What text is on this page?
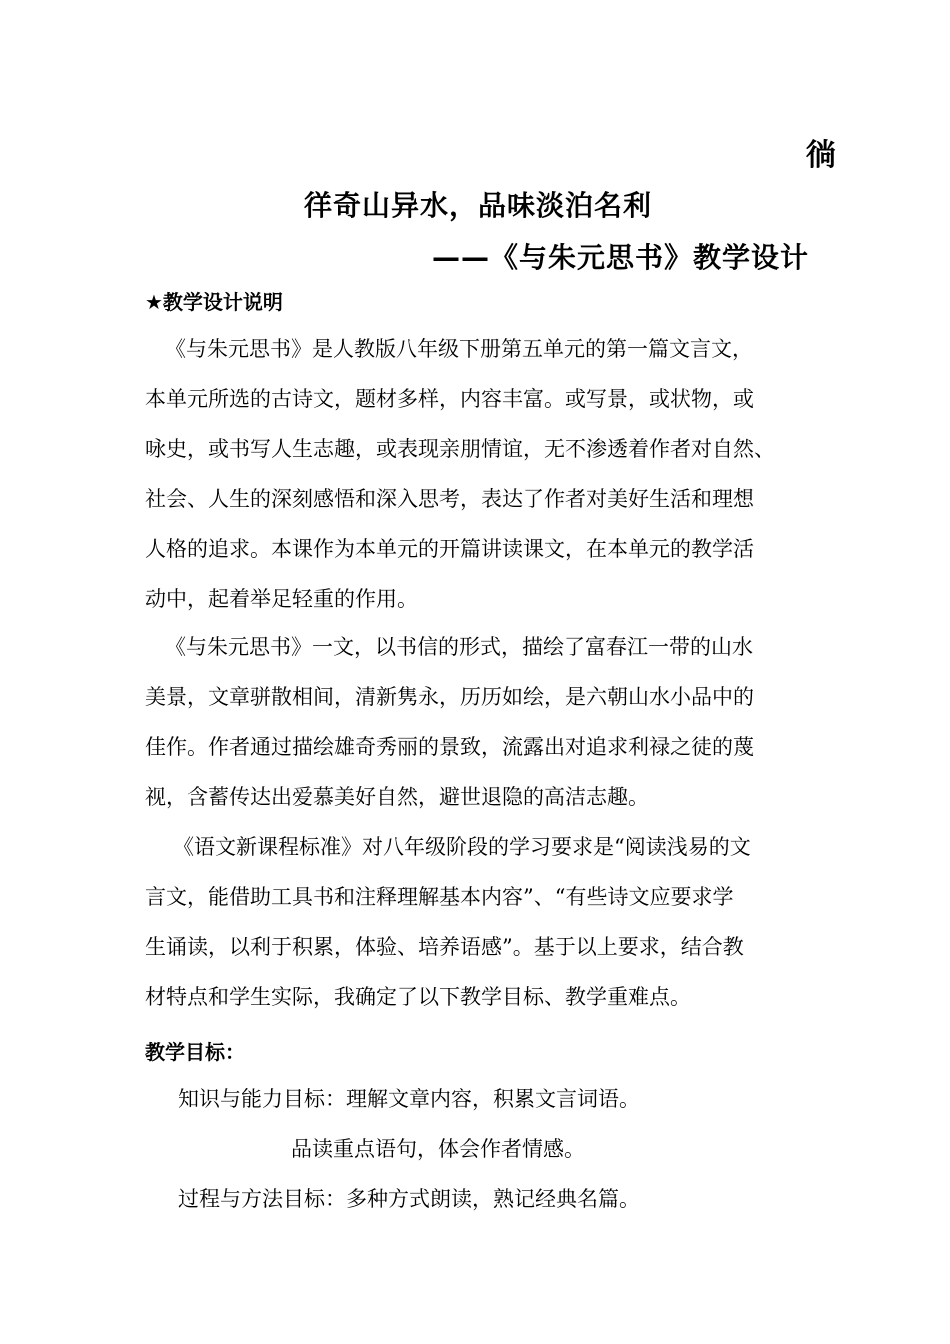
徜
徉奇山异水，品味淡泊名利
——《与朱元思书》教学设计
★教学设计说明
《与朱元思书》是人教版八年级下册第五单元的第一篇文言文，
本单元所选的古诗文，题材多样，内容丰富。或写景，或状物，或
咏史，或书写人生志趣，或表现亲朋情谊，无不渗透着作者对自然、
社会、人生的深刻感悟和深入思考，表达了作者对美好生活和理想
人格的追求。本课作为本单元的开篇讲读课文，在本单元的教学活
动中，起着举足轻重的作用。
《与朱元思书》一文，以书信的形式，描绘了富春江一带的山水
美景，文章骈散相间，清新隽永，历历如绘，是六朝山水小品中的
佳作。作者通过描绘雄奇秀丽的景致，流露出对追求利禄之徒的蔑
视，含蓄传达出爱慕美好自然，避世退隐的高洁志趣。
《语文新课程标准》对八年级阶段的学习要求是“阅读浅易的文
言文，能借助工具书和注释理解基本内容”、“有些诗文应要求学
生诵读，以利于积累，体验、培养语感”。基于以上要求，结合教
材特点和学生实际，我确定了以下教学目标、教学重难点。
教学目标：
知识与能力目标：理解文章内容，积累文言词语。
品读重点语句，体会作者情感。
过程与方法目标：多种方式朗读，熟记经典名篇。
